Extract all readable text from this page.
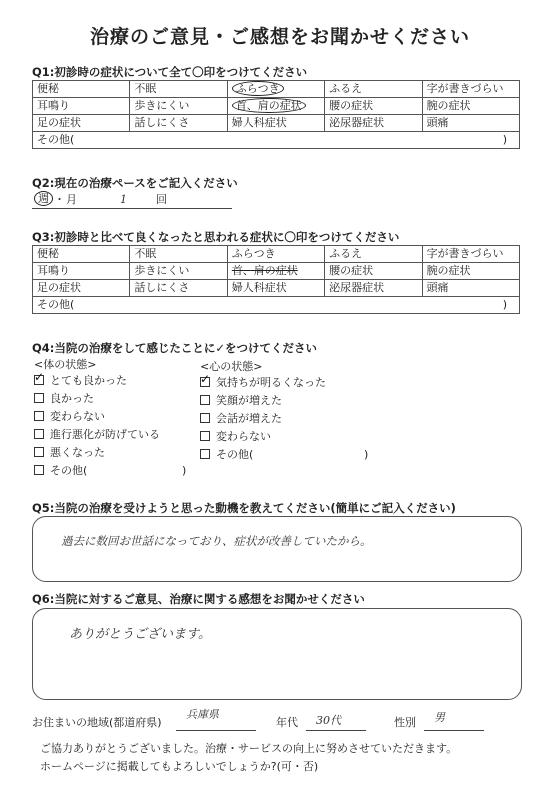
治療のご意見・ご感想をお聞かせください
Q1:初診時の症状について全て〇印をつけてください
便秘	不眠	ふらつき	ふるえ	字が書きづらい
耳鳴り	歩きにくい	首、肩の症状	腰の症状	腕の症状
足の症状	話しにくさ	婦人科症状	泌尿器症状	頭痛
その他( )				
Q2:現在の治療ペースをご記入ください
週 ・ 月	1	回
Q3:初診時と比べて良くなったと思われる症状に〇印をつけてください
便秘	不眠	ふらつき	ふるえ	字が書きづらい
耳鳴り	歩きにくい	首、肩の症状	腰の症状	腕の症状
足の症状	話しにくさ	婦人科症状	泌尿器症状	頭痛
その他( )				
Q4:当院の治療をして感じたことに✓をつけてください
<体の状態>	<心の状態>
✓ とても良かった
良かった
変わらない
進行悪化が防げている
悪くなった
その他(	)
✓ 気持ちが明るくなった
笑顔が増えた
会話が増えた
変わらない
その他(	)
Q5:当院の治療を受けようと思った動機を教えてください(簡単にご記入ください)
過去に数回お世話になっており、症状が改善していたから。
Q6:当院に対するご意見、治療に関する感想をお聞かせください
ありがとうございます。
お住まいの地域(都道府県)
兵庫県
年代 30代	性別 男
ご協力ありがとうございました。治療・サービスの向上に努めさせていただきます。
ホームページに掲載してもよろしいでしょうか?(可・否)
